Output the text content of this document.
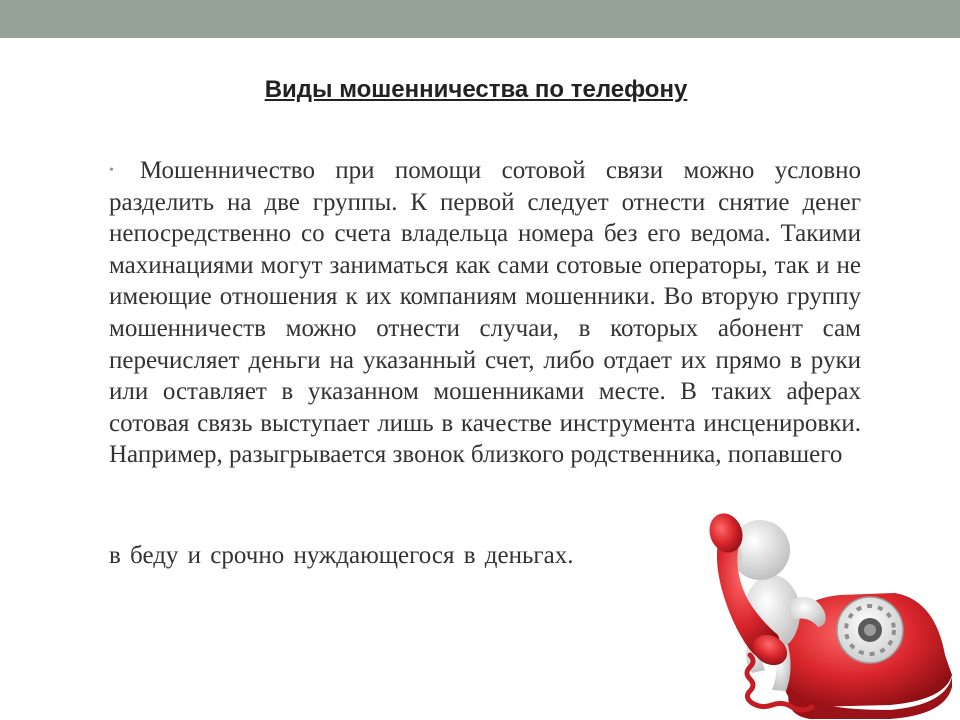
Виды мошенничества по телефону

• Мошенничество при помощи сотовой связи можно условно разделить на две группы. К первой следует отнести снятие денег непосредственно со счета владельца номера без его ведома. Такими махинациями могут заниматься как сами сотовые операторы, так и не имеющие отношения к их компаниям мошенники. Во вторую группу мошенничеств можно отнести случаи, в которых абонент сам перечисляет деньги на указанный счет, либо отдает их прямо в руки или оставляет в указанном мошенниками месте. В таких аферах сотовая связь выступает лишь в качестве инструмента инсценировки. Например, разыгрывается звонок близкого родственника, попавшего

в беду и срочно нуждающегося в деньгах.
